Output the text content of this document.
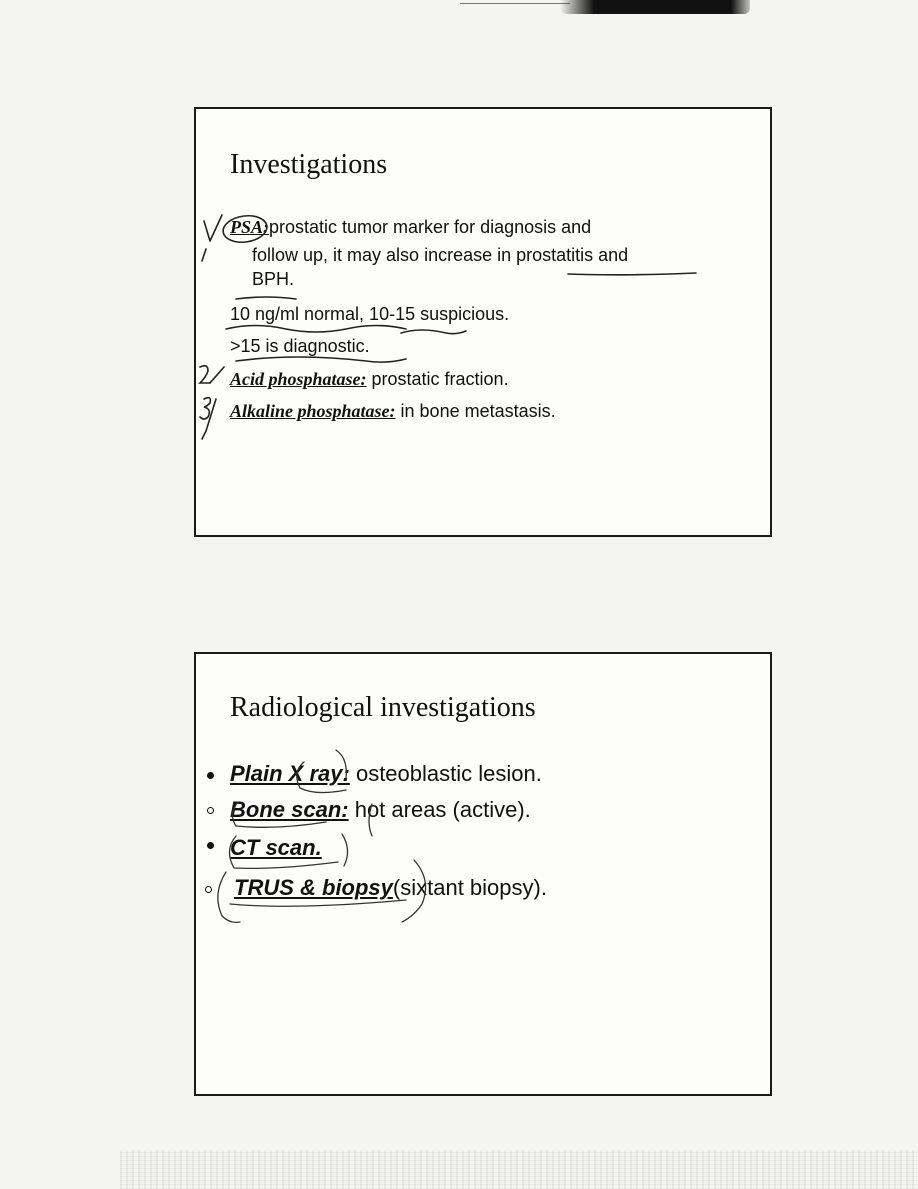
Investigations
PSA:prostatic tumor marker for diagnosis and
follow up, it may also increase in prostatitis and
BPH.
10 ng/ml normal, 10-15 suspicious.
>15 is diagnostic.
Acid phosphatase: prostatic fraction.
Alkaline phosphatase: in bone metastasis.
Radiological investigations
Plain X ray: osteoblastic lesion.
Bone scan: hot areas (active).
CT scan.
TRUS & biopsy(sixtant biopsy).
